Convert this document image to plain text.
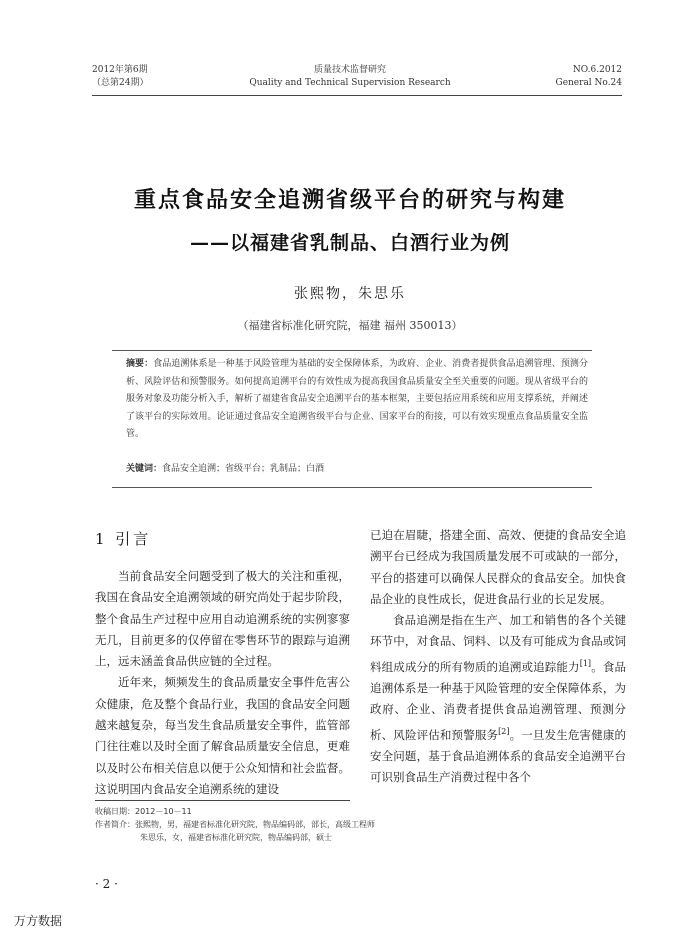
2012年第6期
（总第24期）
质量技术监督研究
Quality and Technical Supervision Research
NO.6.2012
General No.24
重点食品安全追溯省级平台的研究与构建
——以福建省乳制品、白酒行业为例
张熙物，朱思乐
（福建省标准化研究院，福建 福州 350013）
摘要：食品追溯体系是一种基于风险管理为基础的安全保障体系，为政府、企业、消费者提供食品追溯管理、预测分析、风险评估和预警服务。如何提高追溯平台的有效性成为提高我国食品质量安全至关重要的问题。现从省级平台的服务对象及功能分析入手，解析了福建省食品安全追溯平台的基本框架，主要包括应用系统和应用支撑系统，并阐述了该平台的实际效用。论证通过食品安全追溯省级平台与企业、国家平台的衔接，可以有效实现重点食品质量安全监管。
关键词：食品安全追溯；省级平台；乳制品；白酒
1 引言

当前食品安全问题受到了极大的关注和重视，我国在食品安全追溯领域的研究尚处于起步阶段，整个食品生产过程中应用自动追溯系统的实例寥寥无几，目前更多的仅停留在零售环节的跟踪与追溯上，远未涵盖食品供应链的全过程。

近年来，频频发生的食品质量安全事件危害公众健康，危及整个食品行业，我国的食品安全问题越来越复杂，每当发生食品质量安全事件，监管部门往往难以及时全面了解食品质量安全信息，更难以及时公布相关信息以便于公众知情和社会监督。这说明国内食品安全追溯系统的建设

已迫在眉睫，搭建全面、高效、便捷的食品安全追溯平台已经成为我国质量发展不可或缺的一部分，平台的搭建可以确保人民群众的食品安全。加快食品企业的良性成长，促进食品行业的长足发展。

食品追溯是指在生产、加工和销售的各个关键环节中，对食品、饲料、以及有可能成为食品或饲料组成成分的所有物质的追溯或追踪能力[1]。食品追溯体系是一种基于风险管理的安全保障体系，为政府、企业、消费者提供食品追溯管理、预测分析、风险评估和预警服务[2]。一旦发生危害健康的安全问题，基于食品追溯体系的食品安全追溯平台可识别食品生产消费过程中各个

收稿日期：2012－10－11
作者简介：张熙物，男，福建省标准化研究院，物品编码部，部长，高级工程师
朱思乐，女，福建省标准化研究院，物品编码部，硕士
· 2 ·
万方数据
